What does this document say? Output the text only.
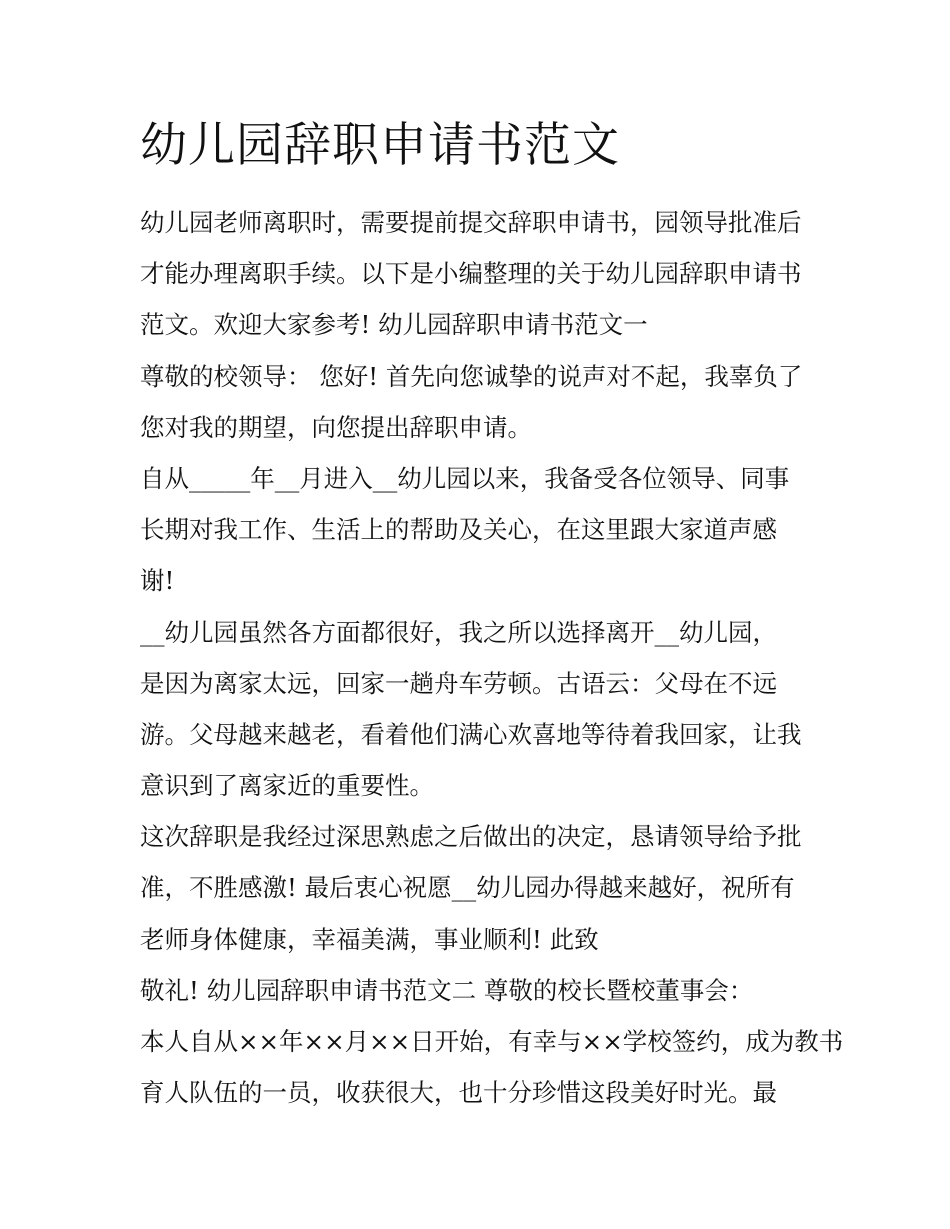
幼儿园辞职申请书范文
幼儿园老师离职时，需要提前提交辞职申请书，园领导批准后
才能办理离职手续。以下是小编整理的关于幼儿园辞职申请书
范文。欢迎大家参考! 幼儿园辞职申请书范文一
尊敬的校领导： 您好! 首先向您诚挚的说声对不起，我辜负了
您对我的期望，向您提出辞职申请。
自从_____年__月进入__幼儿园以来，我备受各位领导、同事
长期对我工作、生活上的帮助及关心，在这里跟大家道声感
谢!
__幼儿园虽然各方面都很好，我之所以选择离开__幼儿园，
是因为离家太远，回家一趟舟车劳顿。古语云：父母在不远
游。父母越来越老，看着他们满心欢喜地等待着我回家，让我
意识到了离家近的重要性。
这次辞职是我经过深思熟虑之后做出的决定，恳请领导给予批
准，不胜感激! 最后衷心祝愿__幼儿园办得越来越好，祝所有
老师身体健康，幸福美满，事业顺利! 此致
敬礼! 幼儿园辞职申请书范文二 尊敬的校长暨校董事会：
本人自从××年××月××日开始，有幸与××学校签约，成为教书
育人队伍的一员，收获很大，也十分珍惜这段美好时光。最
